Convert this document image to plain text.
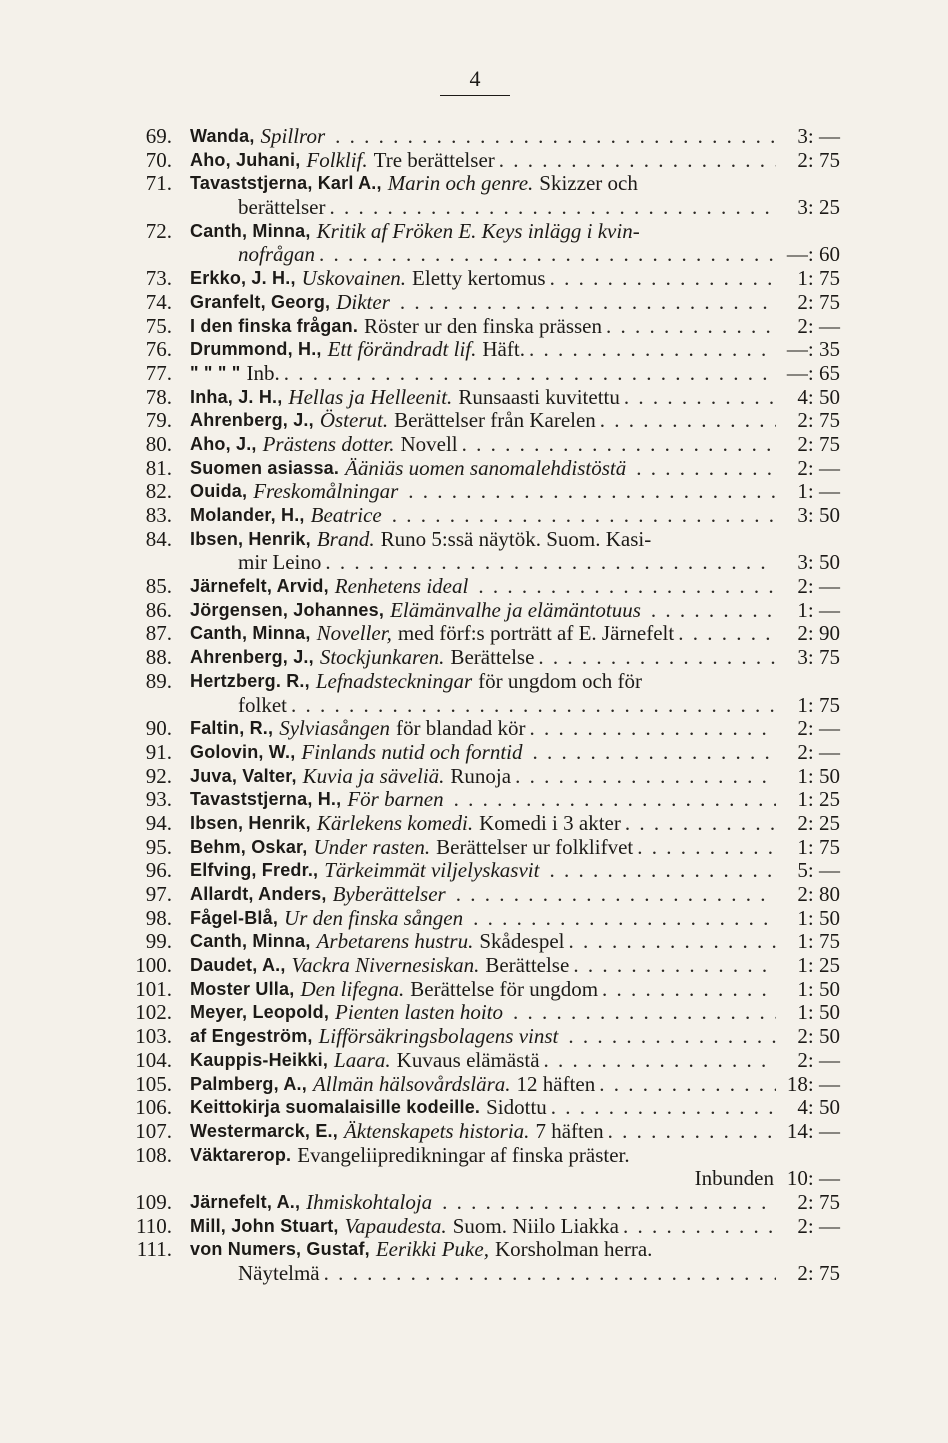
4
69. Wanda, Spillror . . .	3: —
70. Aho, Juhani, Folklif. Tre berättelser . . .	2: 75
71. Tavaststjerna, Karl A., Marin och genre. Skizzer och
berättelser . . .	3: 25
72. Canth, Minna, Kritik af Fröken E. Keys inlägg i kvin-
nofrågan . . .	—: 60
73. Erkko, J. H., Uskovainen. Eletty kertomus . . .	1: 75
74. Granfelt, Georg, Dikter . . .	2: 75
75. I den finska frågan. Röster ur den finska prässen . . .	2: —
76. Drummond, H., Ett förändradt lif. Häft. . . .	—: 35
77. " " " " Inb. . . .	—: 65
78. Inha, J. H., Hellas ja Helleenit. Runsaasti kuvitettu . . .	4: 50
79. Ahrenberg, J., Österut. Berättelser från Karelen . . .	2: 75
80. Aho, J., Prästens dotter. Novell . . .	2: 75
81. Suomen asiassa. Ääniäs uomen sanomalehdistöstä . . .	2: —
82. Ouida, Freskomålningar . . .	1: —
83. Molander, H., Beatrice . . .	3: 50
84. Ibsen, Henrik, Brand. Runo 5:ssä näytök. Suom. Kasi-
mir Leino . . .	3: 50
85. Järnefelt, Arvid, Renhetens ideal . . .	2: —
86. Jörgensen, Johannes, Elämänvalhe ja elämäntotuus . . .	1: —
87. Canth, Minna, Noveller, med förf:s porträtt af E. Järnefelt . . .	2: 90
88. Ahrenberg, J., Stockjunkaren. Berättelse . . .	3: 75
89. Hertzberg. R., Lefnadsteckningar för ungdom och för
folket . . .	1: 75
90. Faltin, R., Sylviasången för blandad kör . . .	2: —
91. Golovin, W., Finlands nutid och forntid . . .	2: —
92. Juva, Valter, Kuvia ja säveliä. Runoja . . .	1: 50
93. Tavaststjerna, H., För barnen . . .	1: 25
94. Ibsen, Henrik, Kärlekens komedi. Komedi i 3 akter . . .	2: 25
95. Behm, Oskar, Under rasten. Berättelser ur folklifvet . . .	1: 75
96. Elfving, Fredr., Tärkeimmät viljelyskasvit . . .	5: —
97. Allardt, Anders, Byberättelser . . .	2: 80
98. Fågel-Blå, Ur den finska sången . . .	1: 50
99. Canth, Minna, Arbetarens hustru. Skådespel . . .	1: 75
100. Daudet, A., Vackra Nivernesiskan. Berättelse . . .	1: 25
101. Moster Ulla, Den lifegna. Berättelse för ungdom . . .	1: 50
102. Meyer, Leopold, Pienten lasten hoito . . .	1: 50
103. af Engeström, Lifförsäkringsbolagens vinst . . .	2: 50
104. Kauppis-Heikki, Laara. Kuvaus elämästä . . .	2: —
105. Palmberg, A., Allmän hälsovårdslära. 12 häften . . .	18: —
106. Keittokirja suomalaisille kodeille. Sidottu . . .	4: 50
107. Westermarck, E., Äktenskapets historia. 7 häften . . .	14: —
108. Väktarerop. Evangeliipredikningar af finska präster.
Inbunden 10: —
109. Järnefelt, A., Ihmiskohtaloja . . .	2: 75
110. Mill, John Stuart, Vapaudesta. Suom. Niilo Liakka . . .	2: —
111. von Numers, Gustaf, Eerikki Puke, Korsholman herra.
Näytelmä . . .	2: 75
